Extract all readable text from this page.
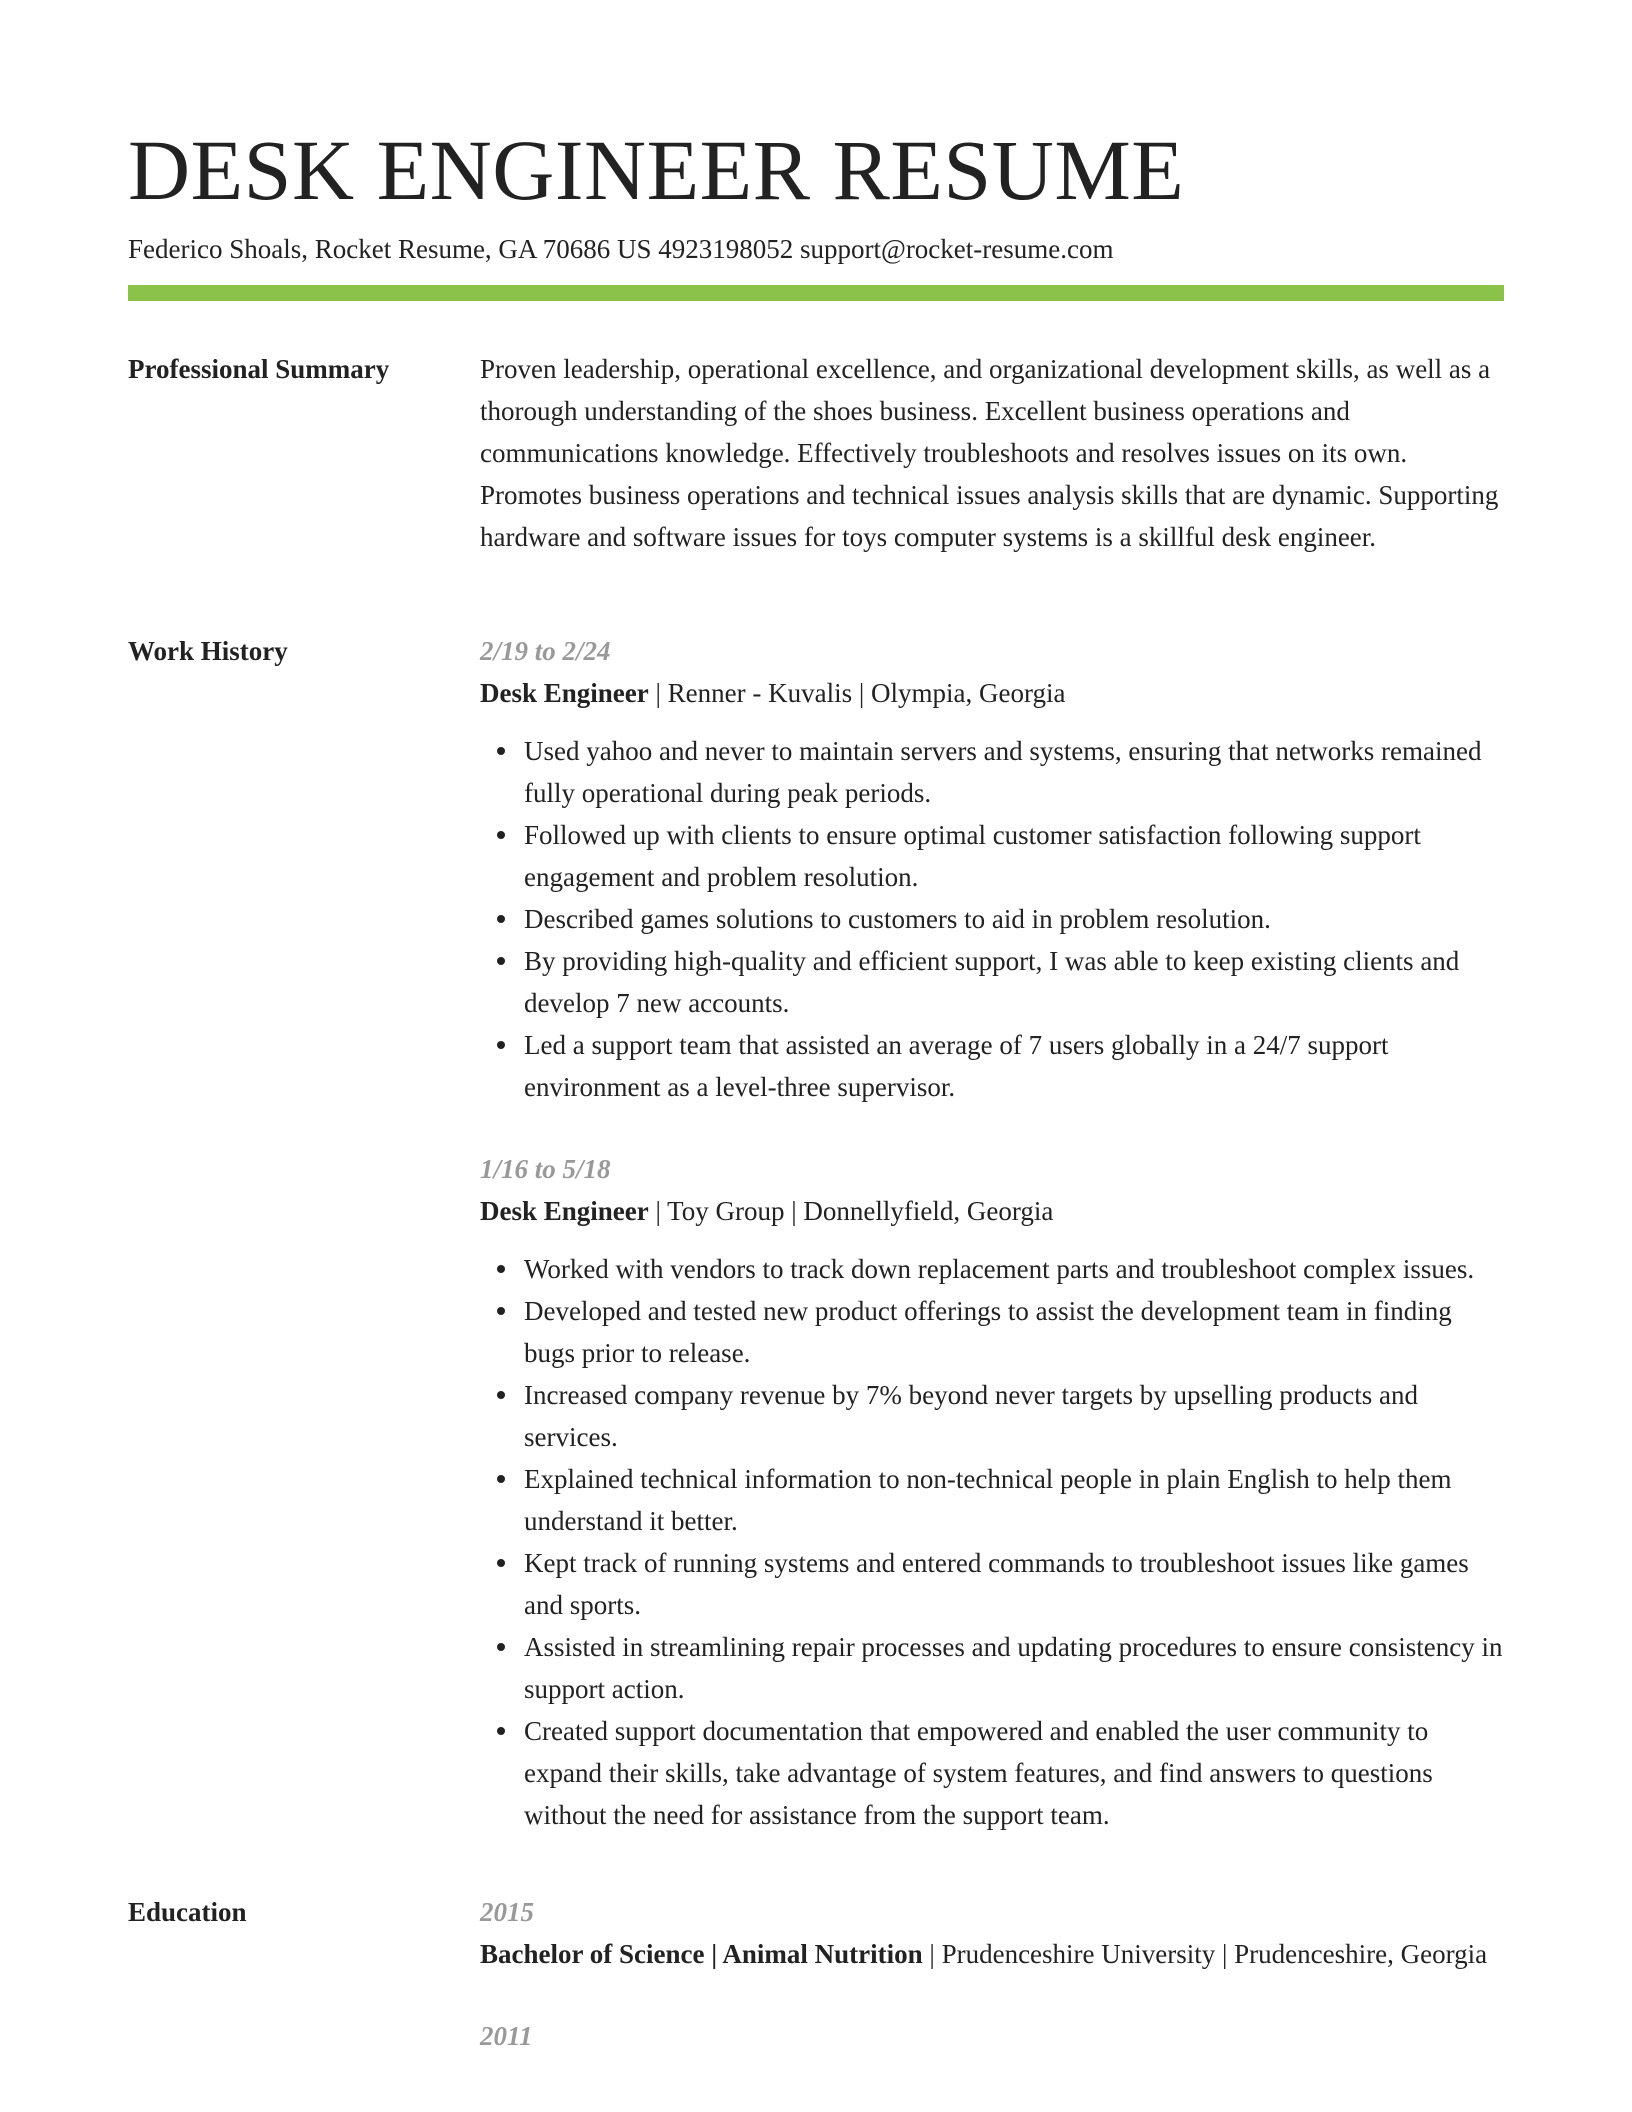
DESK ENGINEER RESUME
Federico Shoals, Rocket Resume, GA 70686 US 4923198052 support@rocket-resume.com
Professional Summary	Proven leadership, operational excellence, and organizational development skills, as well as a thorough understanding of the shoes business. Excellent business operations and communications knowledge. Effectively troubleshoots and resolves issues on its own. Promotes business operations and technical issues analysis skills that are dynamic. Supporting hardware and software issues for toys computer systems is a skillful desk engineer.

Work History	2/19 to 2/24

Desk Engineer | Renner - Kuvalis | Olympia, Georgia

Used yahoo and never to maintain servers and systems, ensuring that networks remained fully operational during peak periods.
Followed up with clients to ensure optimal customer satisfaction following support engagement and problem resolution.
Described games solutions to customers to aid in problem resolution.
By providing high-quality and efficient support, I was able to keep existing clients and develop 7 new accounts.
Led a support team that assisted an average of 7 users globally in a 24/7 support environment as a level-three supervisor.

1/16 to 5/18

Desk Engineer | Toy Group | Donnellyfield, Georgia

Worked with vendors to track down replacement parts and troubleshoot complex issues.
Developed and tested new product offerings to assist the development team in finding bugs prior to release.
Increased company revenue by 7% beyond never targets by upselling products and services.
Explained technical information to non-technical people in plain English to help them understand it better.
Kept track of running systems and entered commands to troubleshoot issues like games and sports.
Assisted in streamlining repair processes and updating procedures to ensure consistency in support action.
Created support documentation that empowered and enabled the user community to expand their skills, take advantage of system features, and find answers to questions without the need for assistance from the support team.
Education	2015

Bachelor of Science | Animal Nutrition | Prudenceshire University | Prudenceshire, Georgia

2011
